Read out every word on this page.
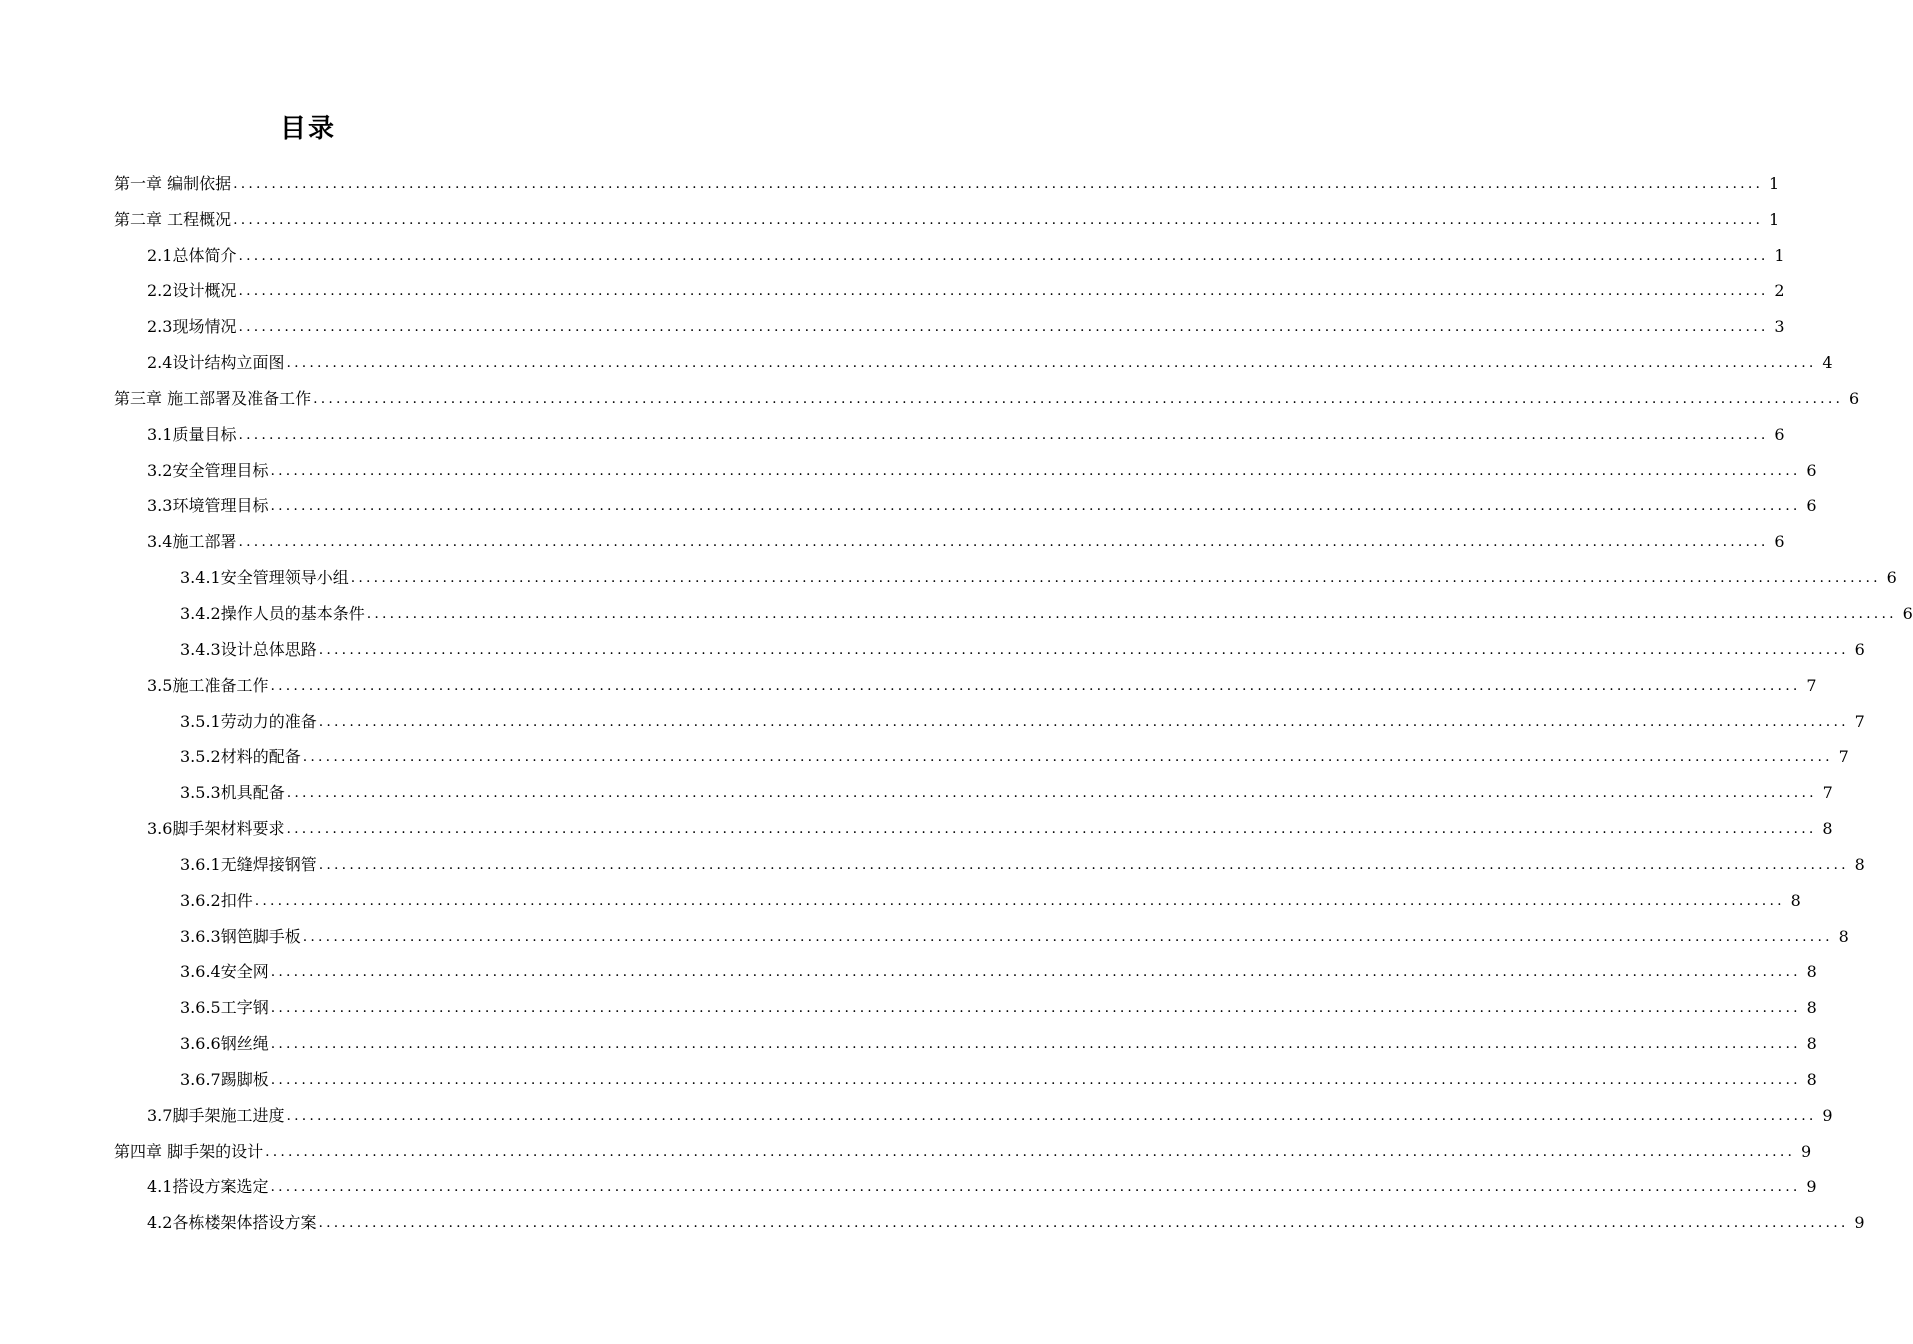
目录
第一章 编制依据 ........................................................................................................................................................................................................ 1
第二章 工程概况 ........................................................................................................................................................................................................ 1
2.1总体简介 ........................................................................................................................................................................................................ 1
2.2设计概况 ........................................................................................................................................................................................................ 2
2.3现场情况 ........................................................................................................................................................................................................ 3
2.4设计结构立面图 ........................................................................................................................................................................................................ 4
第三章 施工部署及准备工作 ........................................................................................................................................................................................................ 6
3.1质量目标 ........................................................................................................................................................................................................ 6
3.2安全管理目标 ........................................................................................................................................................................................................ 6
3.3环境管理目标 ........................................................................................................................................................................................................ 6
3.4施工部署 ........................................................................................................................................................................................................ 6
3.4.1安全管理领导小组 ........................................................................................................................................................................................................ 6
3.4.2操作人员的基本条件 ........................................................................................................................................................................................................ 6
3.4.3设计总体思路 ........................................................................................................................................................................................................ 6
3.5施工准备工作 ........................................................................................................................................................................................................ 7
3.5.1劳动力的准备 ........................................................................................................................................................................................................ 7
3.5.2材料的配备 ........................................................................................................................................................................................................ 7
3.5.3机具配备 ........................................................................................................................................................................................................ 7
3.6脚手架材料要求 ........................................................................................................................................................................................................ 8
3.6.1无缝焊接钢管 ........................................................................................................................................................................................................ 8
3.6.2扣件 ........................................................................................................................................................................................................ 8
3.6.3钢笆脚手板 ........................................................................................................................................................................................................ 8
3.6.4安全网 ........................................................................................................................................................................................................ 8
3.6.5工字钢 ........................................................................................................................................................................................................ 8
3.6.6钢丝绳 ........................................................................................................................................................................................................ 8
3.6.7踢脚板 ........................................................................................................................................................................................................ 8
3.7脚手架施工进度 ........................................................................................................................................................................................................ 9
第四章 脚手架的设计 ........................................................................................................................................................................................................ 9
4.1搭设方案选定 ........................................................................................................................................................................................................ 9
4.2各栋楼架体搭设方案 ........................................................................................................................................................................................................ 9
